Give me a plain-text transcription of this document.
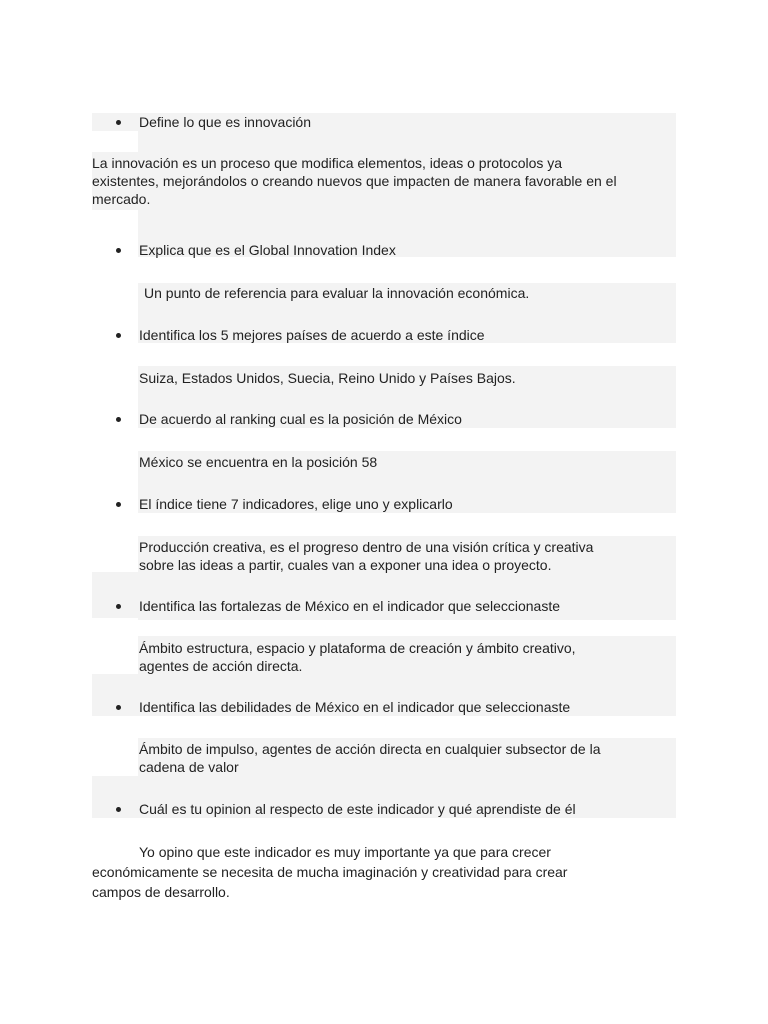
Define lo que es innovación
La innovación es un proceso que modifica elementos, ideas o protocolos ya
existentes, mejorándolos o creando nuevos que impacten de manera favorable en el
mercado.
Explica que es el Global Innovation Index
Un punto de referencia para evaluar la innovación económica.
Identifica los 5 mejores países de acuerdo a este índice
Suiza, Estados Unidos, Suecia, Reino Unido y Países Bajos.
De acuerdo al ranking cual es la posición de México
México se encuentra en la posición 58
El índice tiene 7 indicadores, elige uno y explicarlo
Producción creativa, es el progreso dentro de una visión crítica y creativa
sobre las ideas a partir, cuales van a exponer una idea o proyecto.
Identifica las fortalezas de México en el indicador que seleccionaste
Ámbito estructura, espacio y plataforma de creación y ámbito creativo,
agentes de acción directa.
Identifica las debilidades de México en el indicador que seleccionaste
Ámbito de impulso, agentes de acción directa en cualquier subsector de la
cadena de valor
Cuál es tu opinion al respecto de este indicador y qué aprendiste de él
Yo opino que este indicador es muy importante ya que para crecer
económicamente se necesita de mucha imaginación y creatividad para crear
campos de desarrollo.
